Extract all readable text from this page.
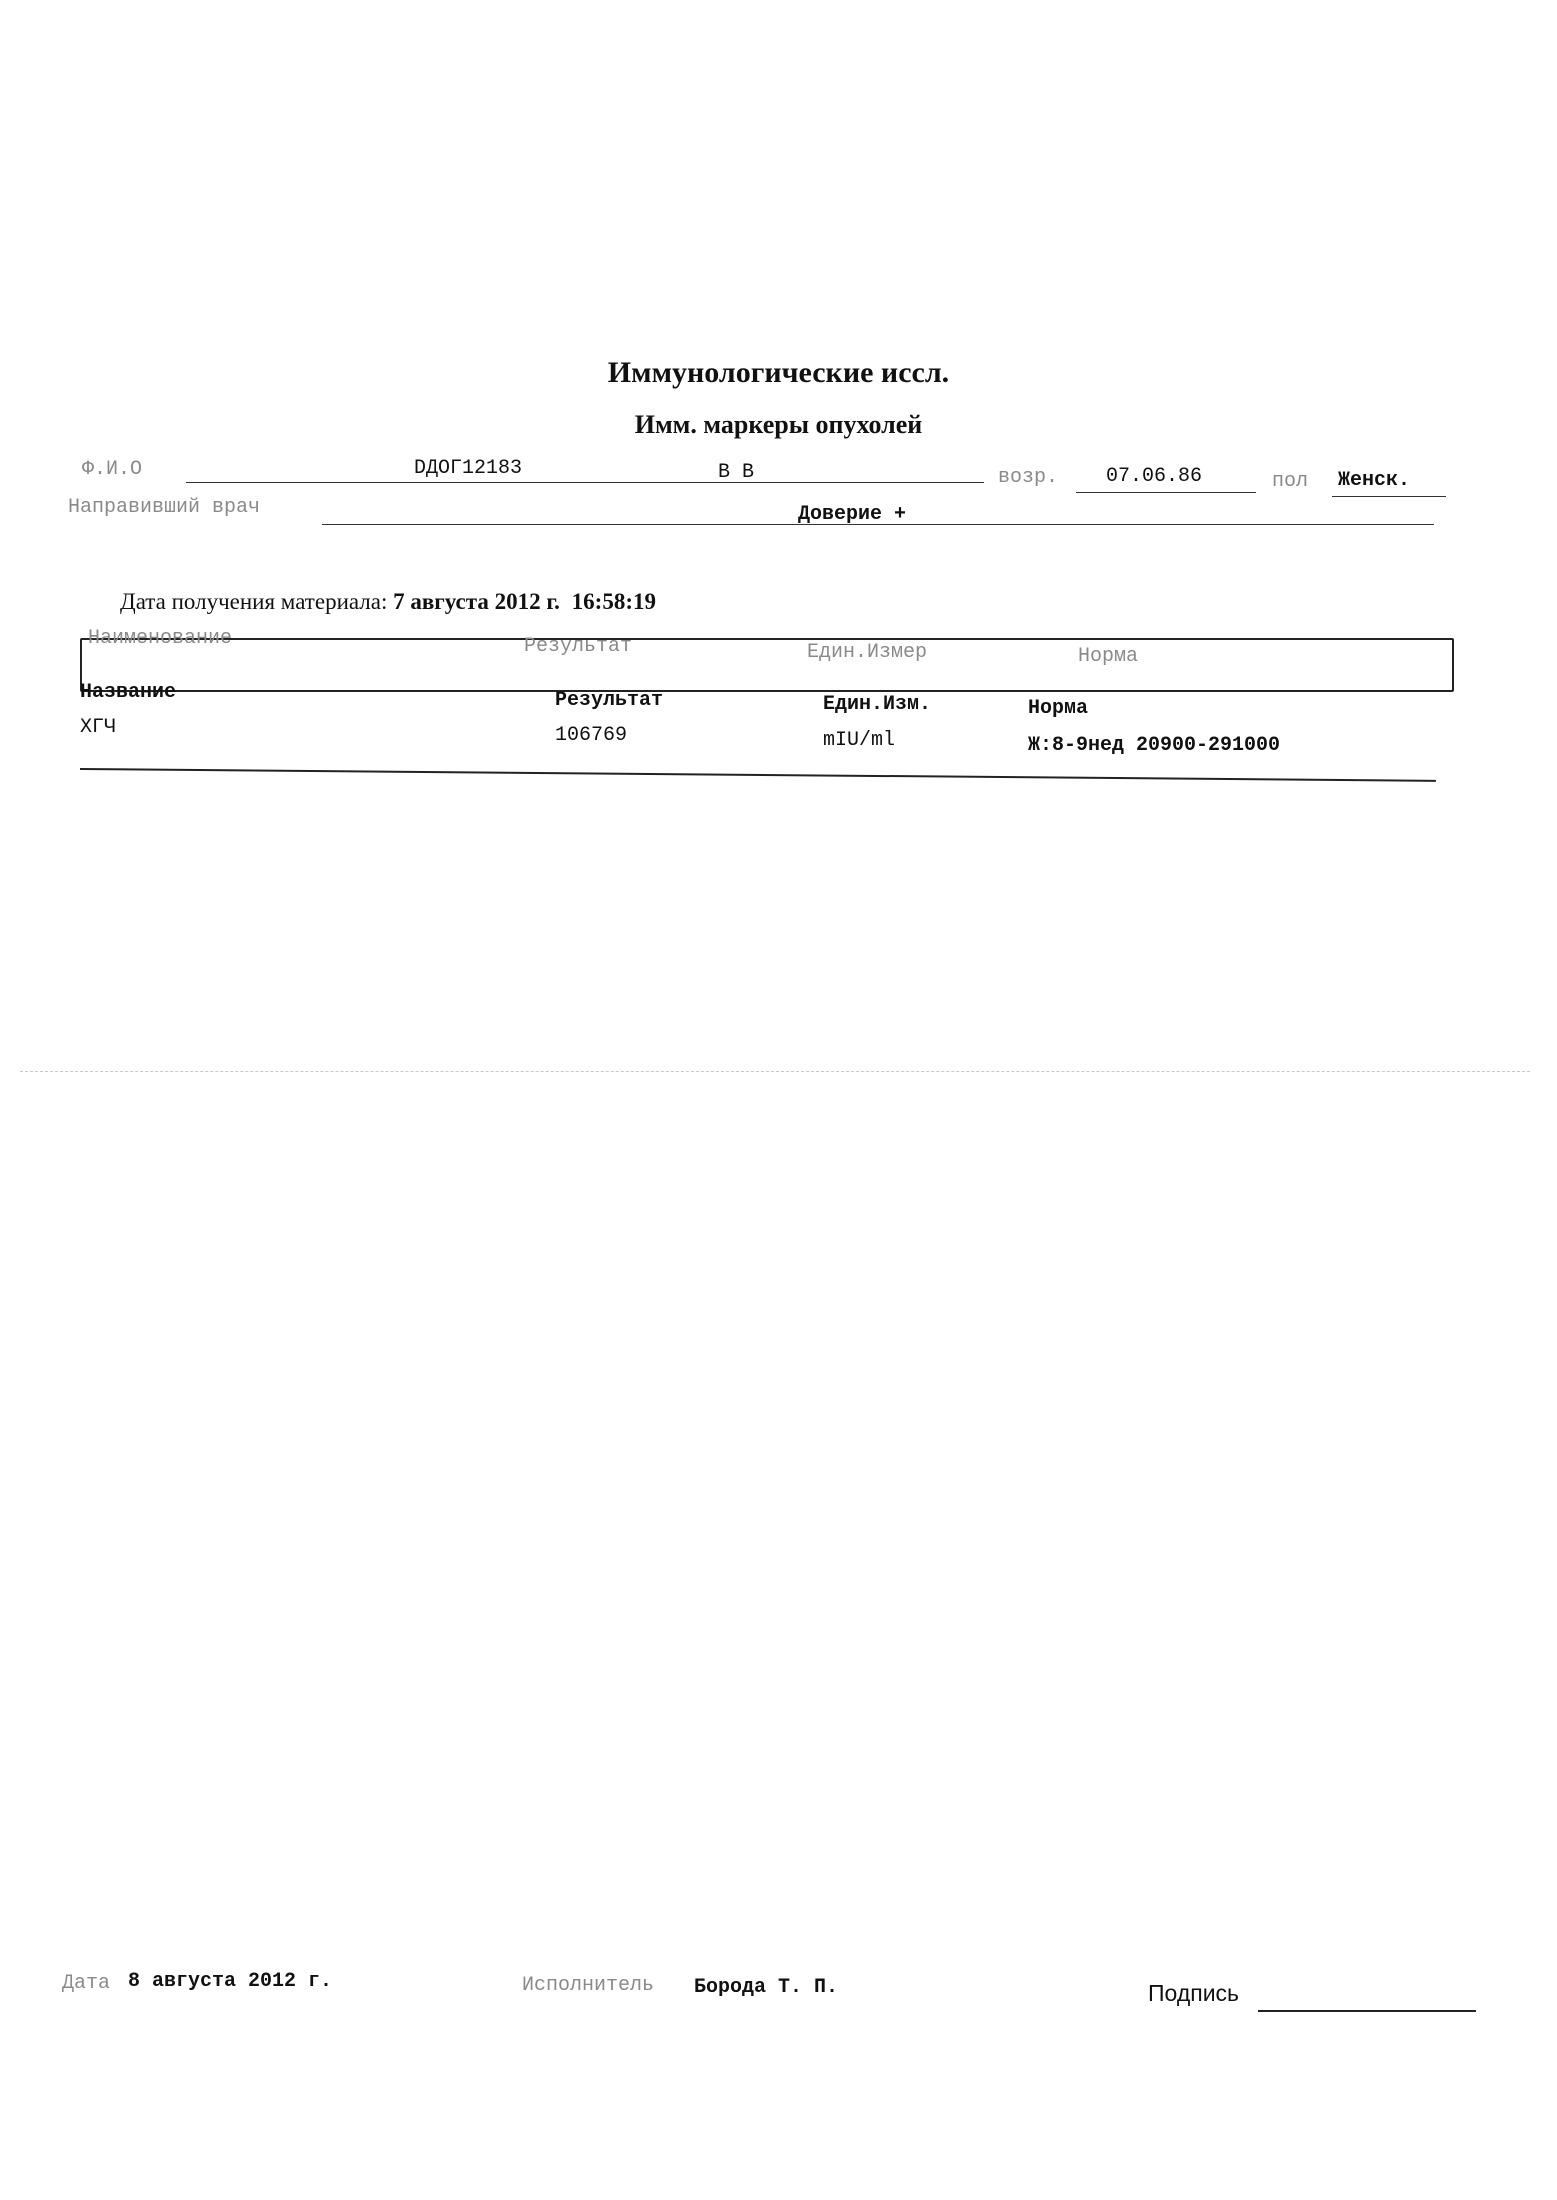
Иммунологические иссл.
Имм. маркеры опухолей
Ф.И.О	DДОГ12183	В В	возр. 07.06.86	пол Женск.
Направивший врач	Доверие +
Дата получения материала: 7 августа 2012 г. 16:58:19
Наименование	Результат	Един.Измер	Норма
Название	Результат	Един.Изм.	Норма
ХГЧ	106769	mIU/ml	Ж:8-9нед 20900-291000
Дата 8 августа 2012 г.	Исполнитель Борода Т. П.	Подпись
